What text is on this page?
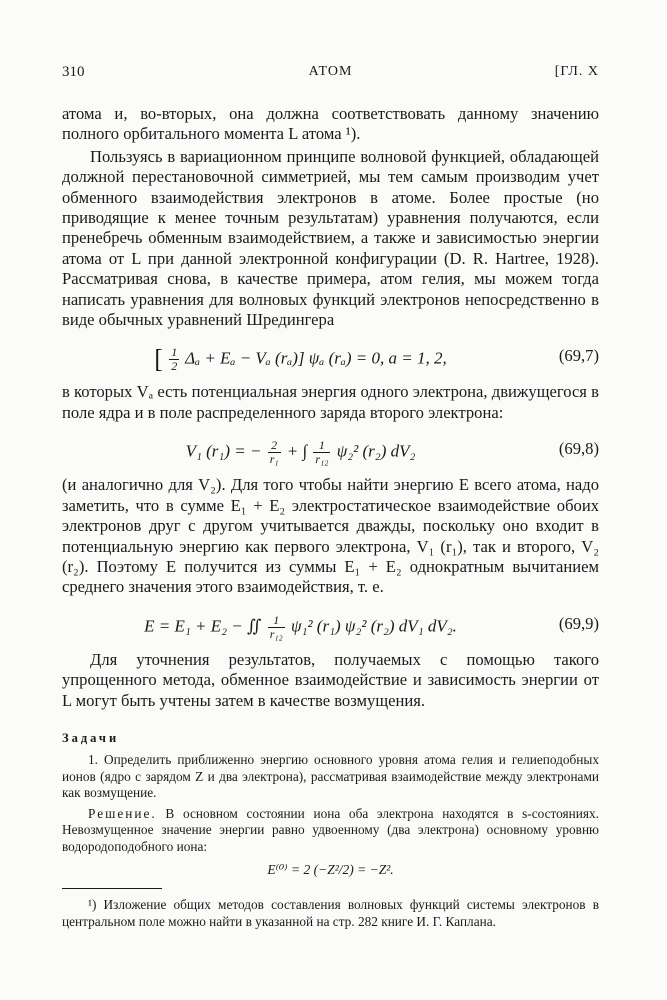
310	АТОМ	[ГЛ. X

атома и, во-вторых, она должна соответствовать данному значению полного орбитального момента L атома ¹).

Пользуясь в вариационном принципе волновой функцией, обладающей должной перестановочной симметрией, мы тем самым производим учет обменного взаимодействия электронов в атоме. Более простые (но приводящие к менее точным результатам) уравнения получаются, если пренебречь обменным взаимодействием, а также и зависимостью энергии атома от L при данной электронной конфигурации (D. R. Hartree, 1928). Рассматривая снова, в качестве примера, атом гелия, мы можем тогда написать уравнения для волновых функций электронов непосредственно в виде обычных уравнений Шредингера

[ $\frac{1}{2}$ Δₐ + Eₐ − Vₐ (rₐ)] ψₐ (rₐ) = 0, a = 1, 2,	(69,7)

в которых Vₐ есть потенциальная энергия одного электрона, движущегося в поле ядра и в поле распределенного заряда второго электрона:

V₁ (r₁) = − $\frac{2}{\text{r₁}}$ + ∫ $\frac{1}{\text{r₁₂}} \psi_2^2$ (r₂) dV₂	(69,8)

(и аналогично для V₂). Для того чтобы найти энергию E всего атома, надо заметить, что в сумме E₁ + E₂ электростатическое взаимодействие обоих электронов друг с другом учитывается дважды, поскольку оно входит в потенциальную энергию как первого электрона, V₁ (r₁), так и второго, V₂ (r₂). Поэтому E получится из суммы E₁ + E₂ однократным вычитанием среднего значения этого взаимодействия, т. е.

E = E₁ + E₂ − ∬ $\frac{1}{\text{r₁₂}} \psi_1^2$ (r₁) ψ₂² (r₂) dV₁ dV₂.	(69,9)

Для уточнения результатов, получаемых с помощью такого упрощенного метода, обменное взаимодействие и зависимость энергии от L могут быть учтены затем в качестве возмущения.

Задачи

1. Определить приближенно энергию основного уровня атома гелия и гелиеподобных ионов (ядро с зарядом Z и два электрона), рассматривая взаимодействие между электронами как возмущение.

Решение. В основном состоянии иона оба электрона находятся в s-состояниях. Невозмущенное значение энергии равно удвоенному (два электрона) основному уровню водородоподобного иона:

E⁽⁰⁾ = 2 (−Z²/2) = −Z².

¹) Изложение общих методов составления волновых функций системы электронов в центральном поле можно найти в указанной на стр. 282 книге И. Г. Каплана.
